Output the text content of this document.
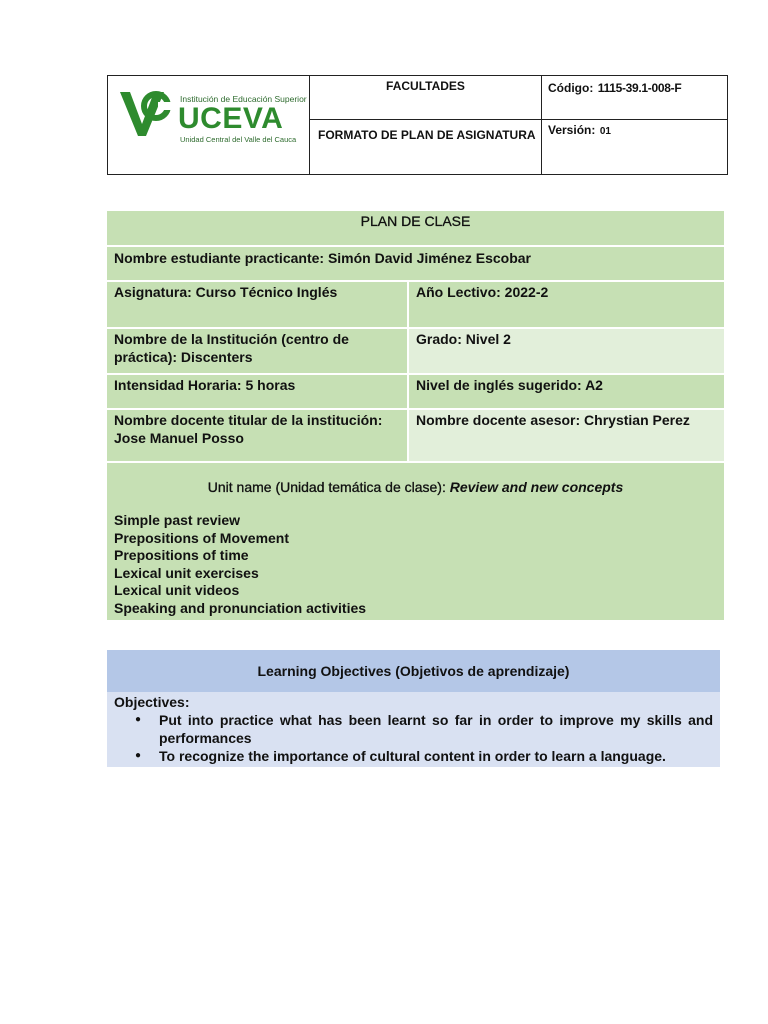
Institución de Educación Superior
UCEVA
Unidad Central del Valle del Cauca
FACULTADES
FORMATO DE PLAN DE ASIGNATURA
Código: 1115-39.1-008-F
Versión: 01
PLAN DE CLASE
Nombre estudiante practicante: Simón David Jiménez Escobar
Asignatura: Curso Técnico Inglés	Año Lectivo: 2022-2
Nombre de la Institución (centro de práctica): Discenters
Grado: Nivel 2
Intensidad Horaria: 5 horas	Nivel de inglés sugerido: A2
Nombre docente titular de la institución: Jose Manuel Posso
Nombre docente asesor: Chrystian Perez
Unit name (Unidad temática de clase): Review and new concepts
Simple past review
Prepositions of Movement
Prepositions of time
Lexical unit exercises
Lexical unit videos
Speaking and pronunciation activities
Learning Objectives (Objetivos de aprendizaje)
Objectives:
● Put into practice what has been learnt so far in order to improve my skills and performances
● To recognize the importance of cultural content in order to learn a language.
